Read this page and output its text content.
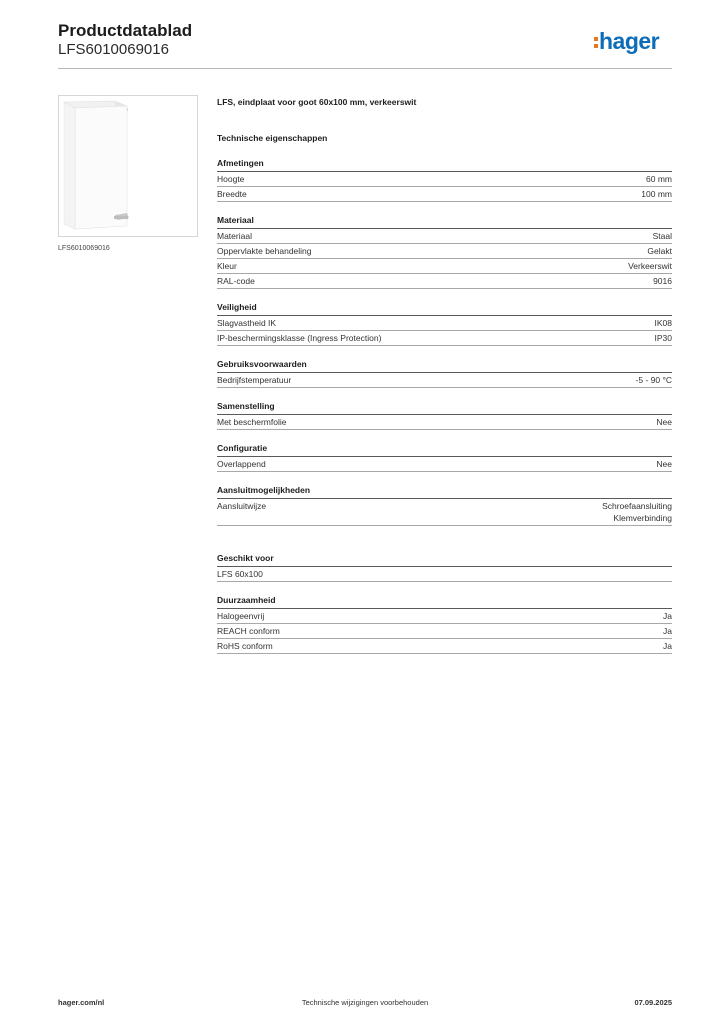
Productdatablad
LFS6010069016	hager
LFS6010069016
LFS, eindplaat voor goot 60x100 mm, verkeerswit
Technische eigenschappen
Afmetingen
Hoogte	60 mm
Breedte	100 mm
Materiaal
Materiaal	Staal
Oppervlakte behandeling	Gelakt
Kleur	Verkeerswit
RAL-code	9016
Veiligheid
Slagvastheid IK	IK08
IP-beschermingsklasse (Ingress Protection)	IP30
Gebruiksvoorwaarden
Bedrijfstemperatuur	-5 - 90 °C
Samenstelling
Met beschermfolie	Nee
Configuratie
Overlappend	Nee
Aansluitmogelijkheden
Aansluitwijze	Schroefaansluiting
Klemverbinding
Geschikt voor
LFS 60x100
Duurzaamheid
Halogeenvrij	Ja
REACH conform	Ja
RoHS conform	Ja
hager.com/nl	Technische wijzigingen voorbehouden	07.09.2025
